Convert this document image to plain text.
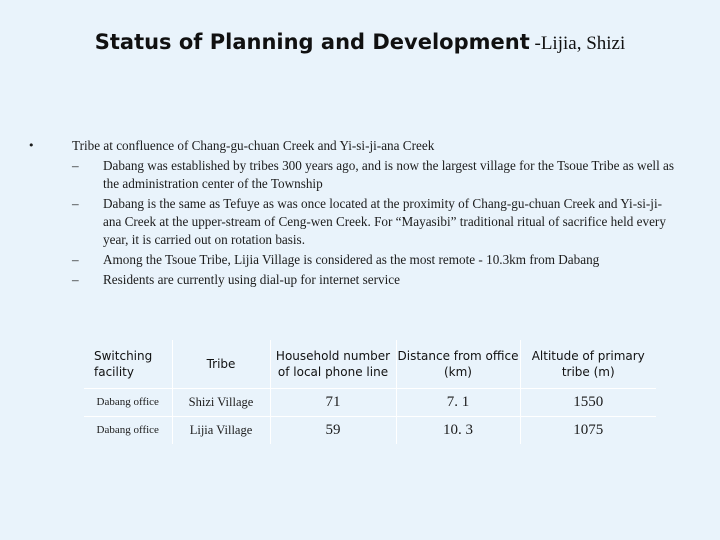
Status of Planning and Development -Lijia, Shizi
•	Tribe at confluence of Chang-gu-chuan Creek and Yi-si-ji-ana Creek
– Dabang was established by tribes 300 years ago, and is now the largest village for the Tsoue Tribe as well as the administration center of the Township
– Dabang is the same as Tefuye as was once located at the proximity of Chang-gu-chuan Creek and Yi-si-ji-ana Creek at the upper-stream of Ceng-wen Creek. For “Mayasibi” traditional ritual of sacrifice held every year, it is carried out on rotation basis.
– Among the Tsoue Tribe, Lijia Village is considered as the most remote - 10.3km from Dabang
– Residents are currently using dial-up for internet service
Switching facility	Tribe	Household number of local phone line	Distance from office (km)	Altitude of primary tribe (m)
Dabang office	Shizi Village	71	7. 1	1550
Dabang office	Lijia Village	59	10. 3	1075
